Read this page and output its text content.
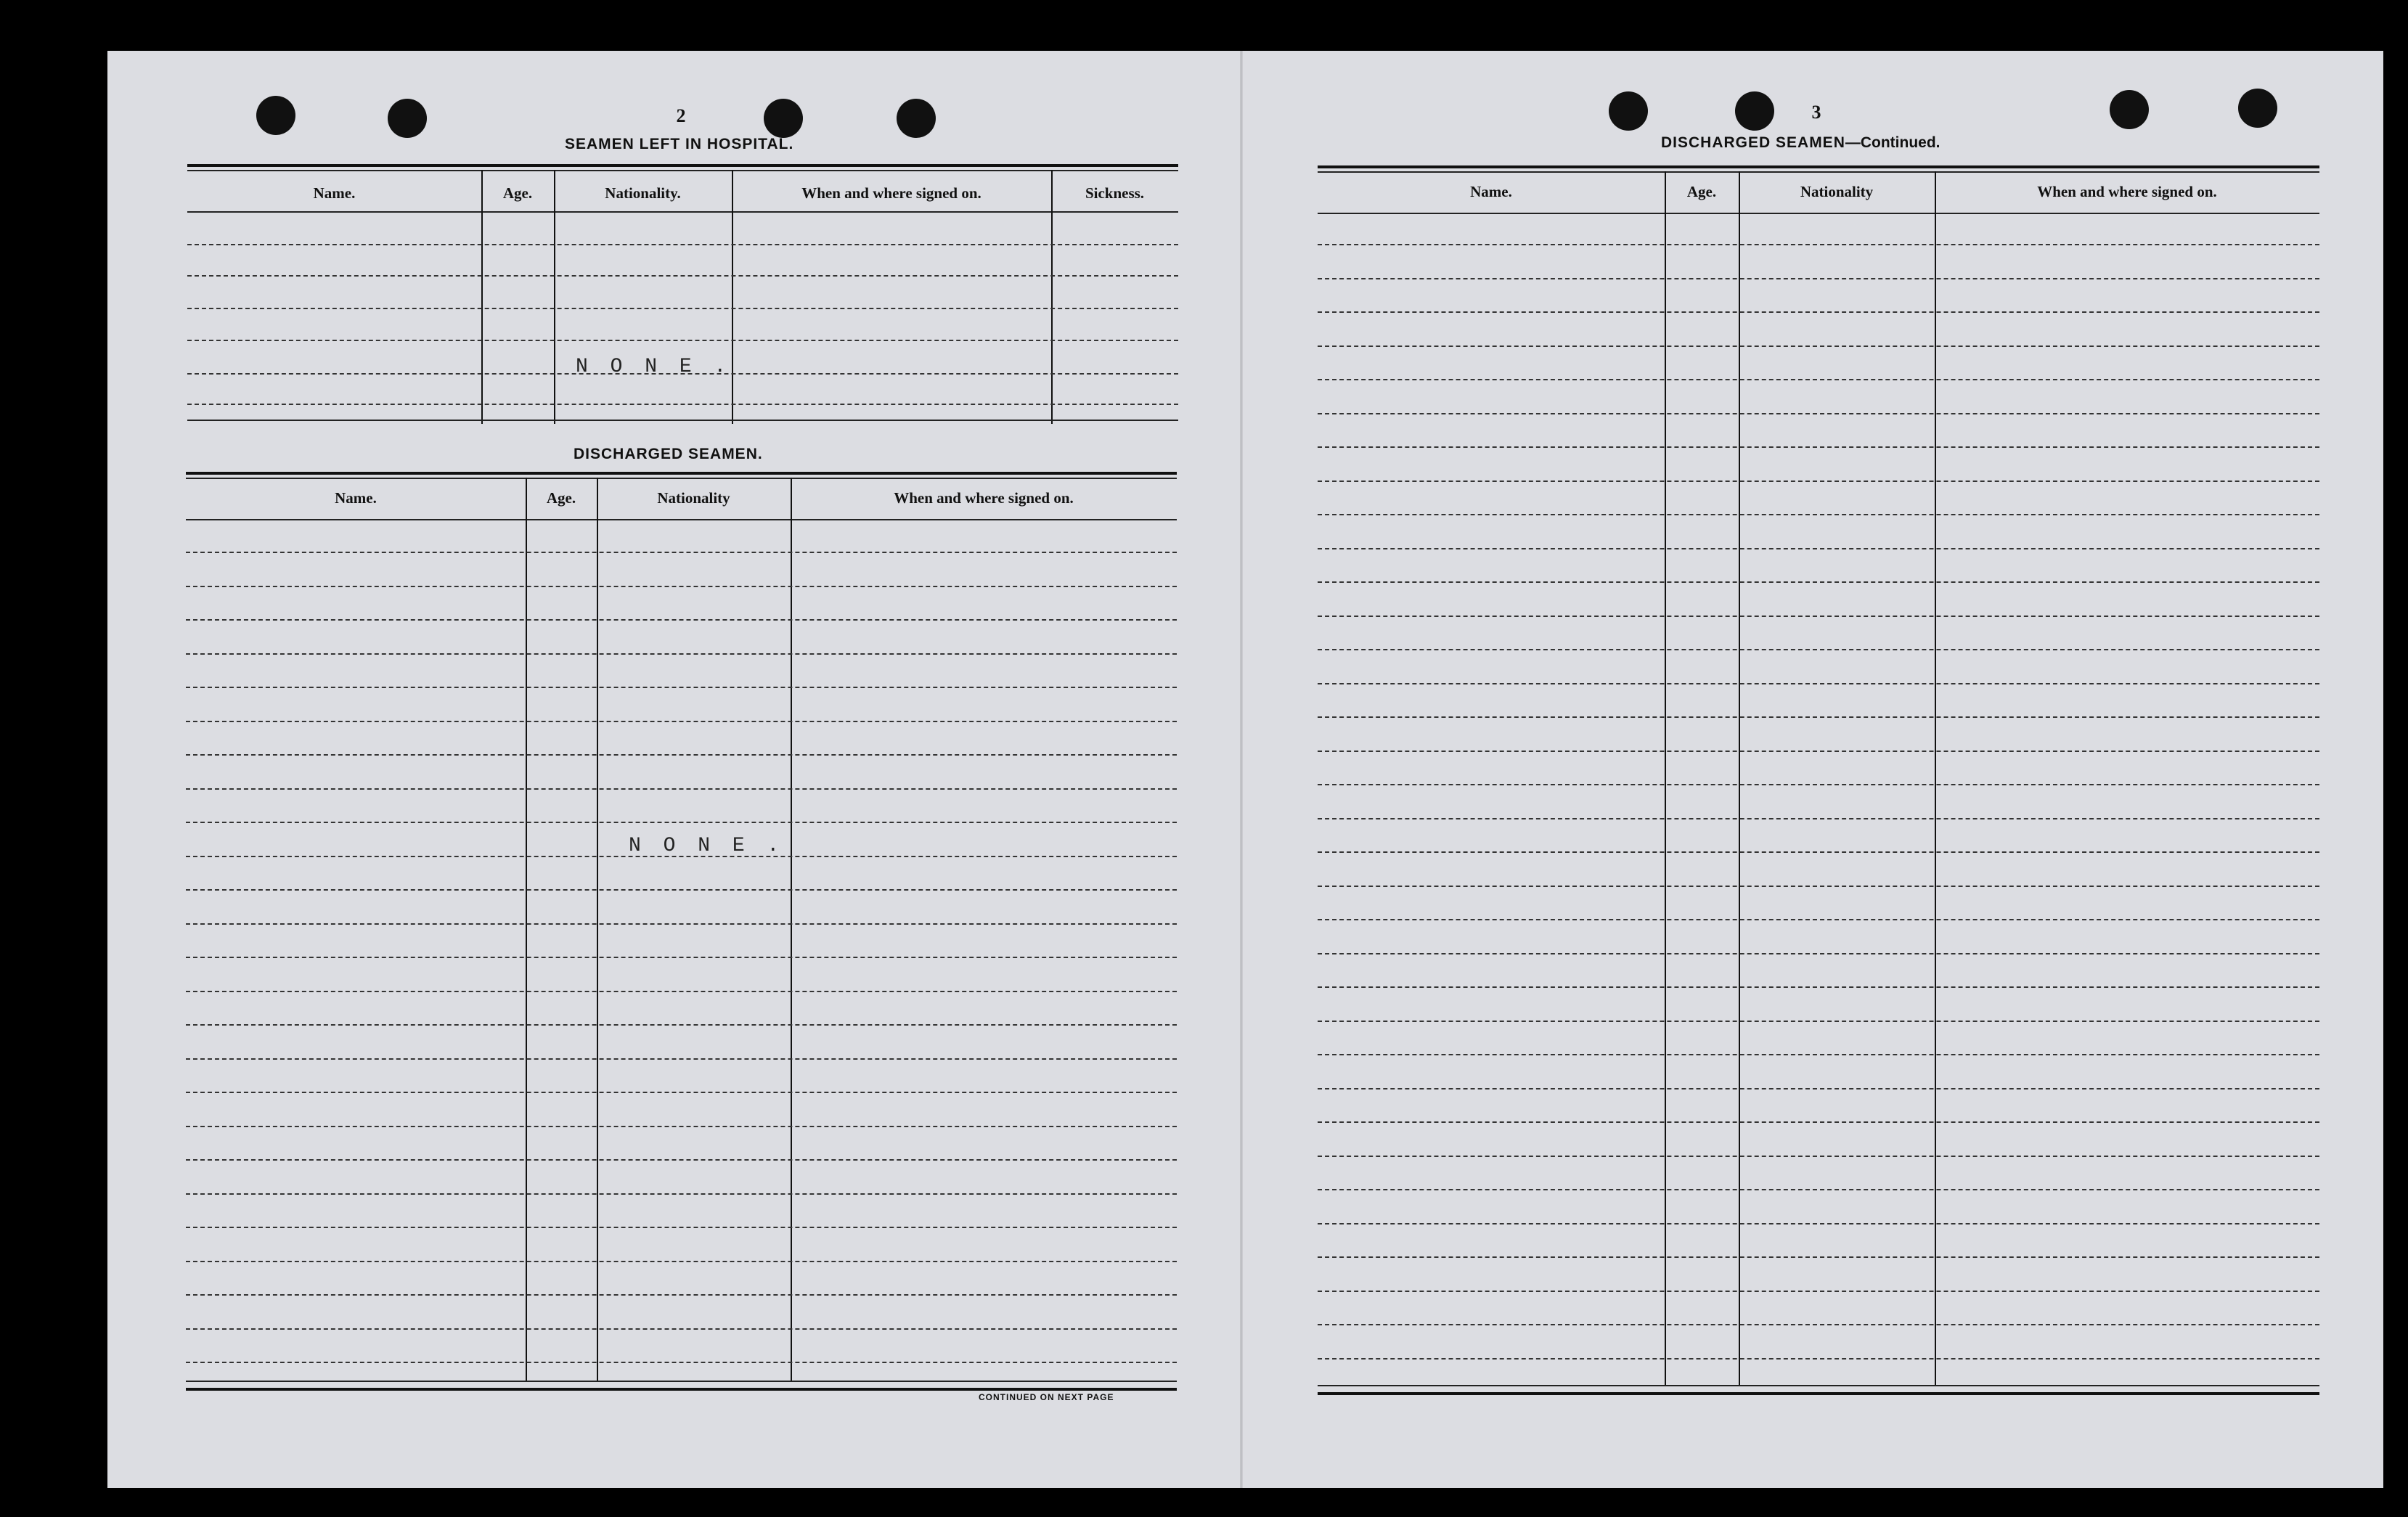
2
SEAMEN LEFT IN HOSPITAL.
Name.	Age.	Nationality.	When and where signed on.	Sickness.
N O N E .
DISCHARGED SEAMEN.
Name.	Age.	Nationality	When and where signed on.
N O N E .
CONTINUED ON NEXT PAGE
3
DISCHARGED SEAMEN—Continued.
Name.	Age.	Nationality	When and where signed on.
